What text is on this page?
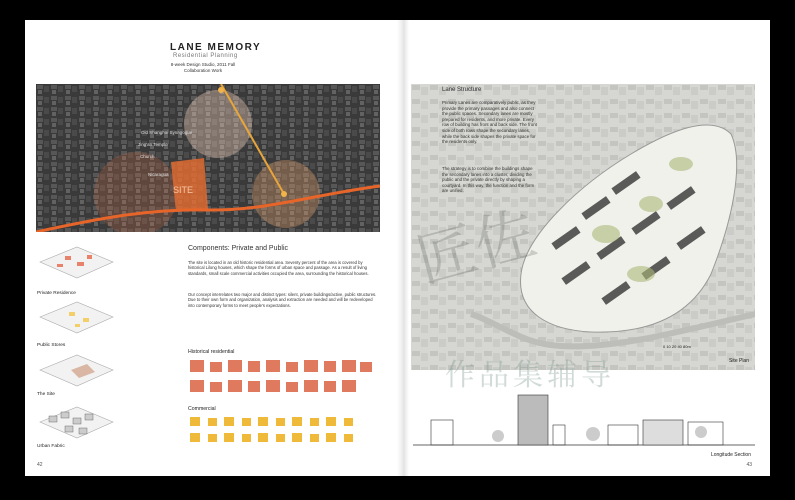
LANE MEMORY
Residential Planning
8-week Design Studio, 2011 Fall
Collaboration Work
Old Shanghai Synagogue
Jing'an Temple
Church
Nicaragua
SITE
Private Residence
Public Stores
The Site
Urban Fabric
Components: Private and Public
The site is located in an old historic residential area. Seventy percent of the area is covered by historical Lilong houses, which shape the forms of urban space and passage. As a result of living standards, small scale commercial activities occupied the area, surrounding the historical houses.
Our concept interrelates two major and distinct types: silent, private buildings/active, public structures. Due to their own form and organization, analysis and extraction are needed and will be redeveloped into contemporary forms to meet people's expectations.
Historical residential
Commercial
42
Lane Structure
Primary Lanes are comparatively public, as they provide the primary passages and also connect the public spaces. Secondary lanes are mostly prepared for residents, and more private. Every row of building has front and back side. The front side of both rows shape the secondary lanes, while the back side shapes the private space for the residents only.
The strategy is to combine the buildings shape the secondary lanes into a cluster, dividing the public and the private directly by shaping a courtyard. In this way, the function and the form are unified.
Site Plan
0 10 20 40 80m
Longitude Section
43
作品集辅导
匠佐
